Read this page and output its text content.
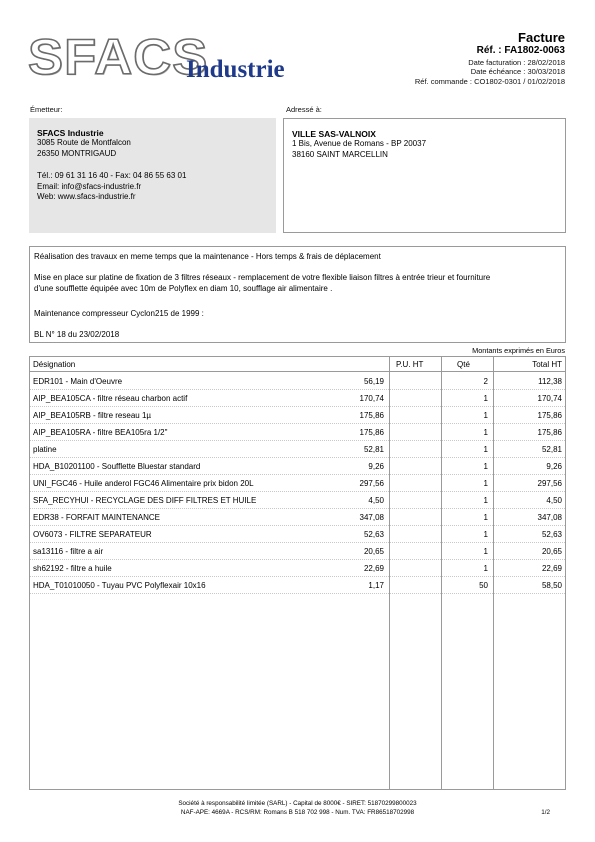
SFACS
Industrie
Facture
Réf. : FA1802-0063
Date facturation : 28/02/2018
Date échéance : 30/03/2018
Réf. commande : CO1802-0301 / 01/02/2018
Émetteur:	Adressé à:
SFACS Industrie
3085 Route de Montfalcon
26350 MONTRIGAUD
Tél.: 09 61 31 16 40 - Fax: 04 86 55 63 01
Email: info@sfacs-industrie.fr
Web: www.sfacs-industrie.fr
VILLE SAS-VALNOIX
1 Bis, Avenue de Romans - BP 20037
38160 SAINT MARCELLIN
Réalisation des travaux en meme temps que la maintenance - Hors temps & frais de déplacement
Mise en place sur platine de fixation de 3 filtres réseaux - remplacement de votre flexible liaison filtres à entrée trieur et fourniture
d'une soufflette équipée avec 10m de Polyflex en diam 10, soufflage air alimentaire .
Maintenance compresseur Cyclon215 de 1999 :
BL N° 18 du 23/02/2018
Montants exprimés en Euros
Désignation	P.U. HT	Qté	Total HT
EDR101 - Main d'Oeuvre	56,19	2	112,38
AIP_BEA105CA - filtre réseau charbon actif	170,74	1	170,74
AIP_BEA105RB - filtre reseau 1µ	175,86	1	175,86
AIP_BEA105RA - filtre BEA105ra 1/2"	175,86	1	175,86
platine	52,81	1	52,81
HDA_B10201100 - Soufflette Bluestar standard	9,26	1	9,26
UNI_FGC46 - Huile anderol FGC46 Alimentaire prix bidon 20L	297,56	1	297,56
SFA_RECYHUI - RECYCLAGE DES DIFF FILTRES ET HUILE	4,50	1	4,50
EDR38 - FORFAIT MAINTENANCE	347,08	1	347,08
OV6073 - FILTRE SEPARATEUR	52,63	1	52,63
sa13116 - filtre a air	20,65	1	20,65
sh62192 - filtre a huile	22,69	1	22,69
HDA_T01010050 - Tuyau PVC Polyflexair 10x16	1,17	50	58,50
Société à responsabilité limitée (SARL) - Capital de 8000€ - SIRET: 51870299800023
NAF-APE: 4669A - RCS/RM: Romans B 518 702 998 - Num. TVA: FR86518702998	1/2
